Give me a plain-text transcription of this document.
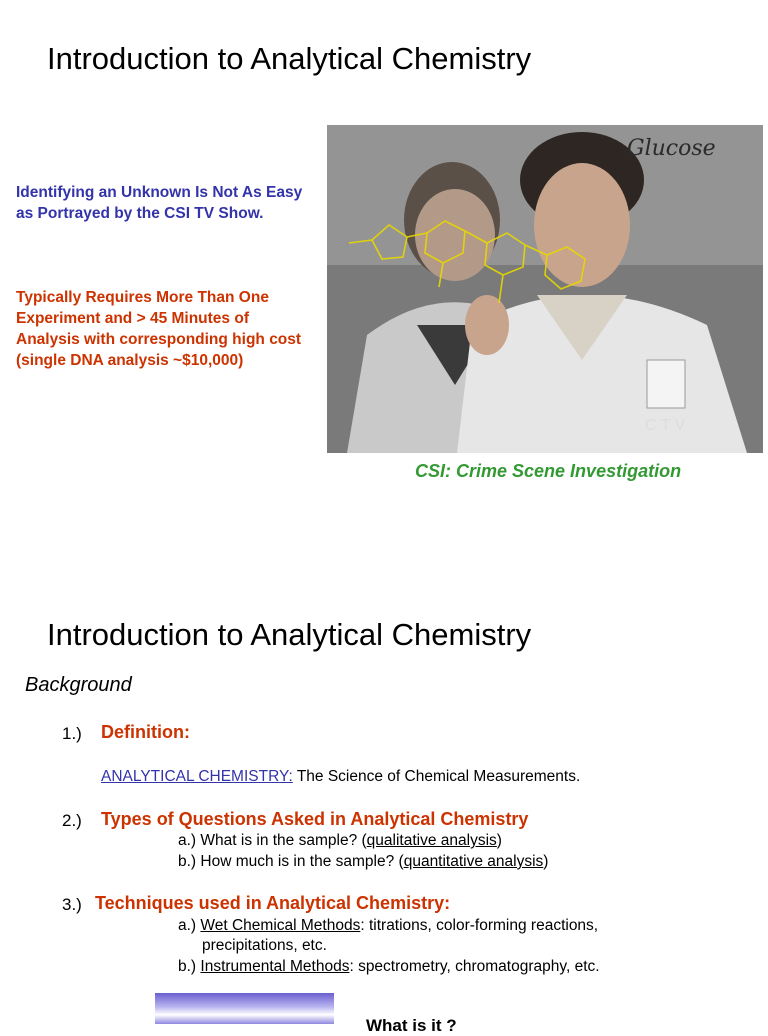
Introduction to Analytical Chemistry
Identifying an Unknown Is Not As Easy as Portrayed by the CSI TV Show.
Typically Requires More Than One Experiment and > 45 Minutes of Analysis with corresponding high cost (single DNA analysis ~$10,000)
Glucose
C T V
CSI: Crime Scene Investigation
Introduction to Analytical Chemistry
Background
1.) Definition:
ANALYTICAL CHEMISTRY: The Science of Chemical Measurements.
2.) Types of Questions Asked in Analytical Chemistry
a.) What is in the sample? (qualitative analysis)
b.) How much is in the sample? (quantitative analysis)
3.) Techniques used in Analytical Chemistry:
a.) Wet Chemical Methods: titrations, color-forming reactions,
precipitations, etc.
b.) Instrumental Methods: spectrometry, chromatography, etc.
What is it ?
